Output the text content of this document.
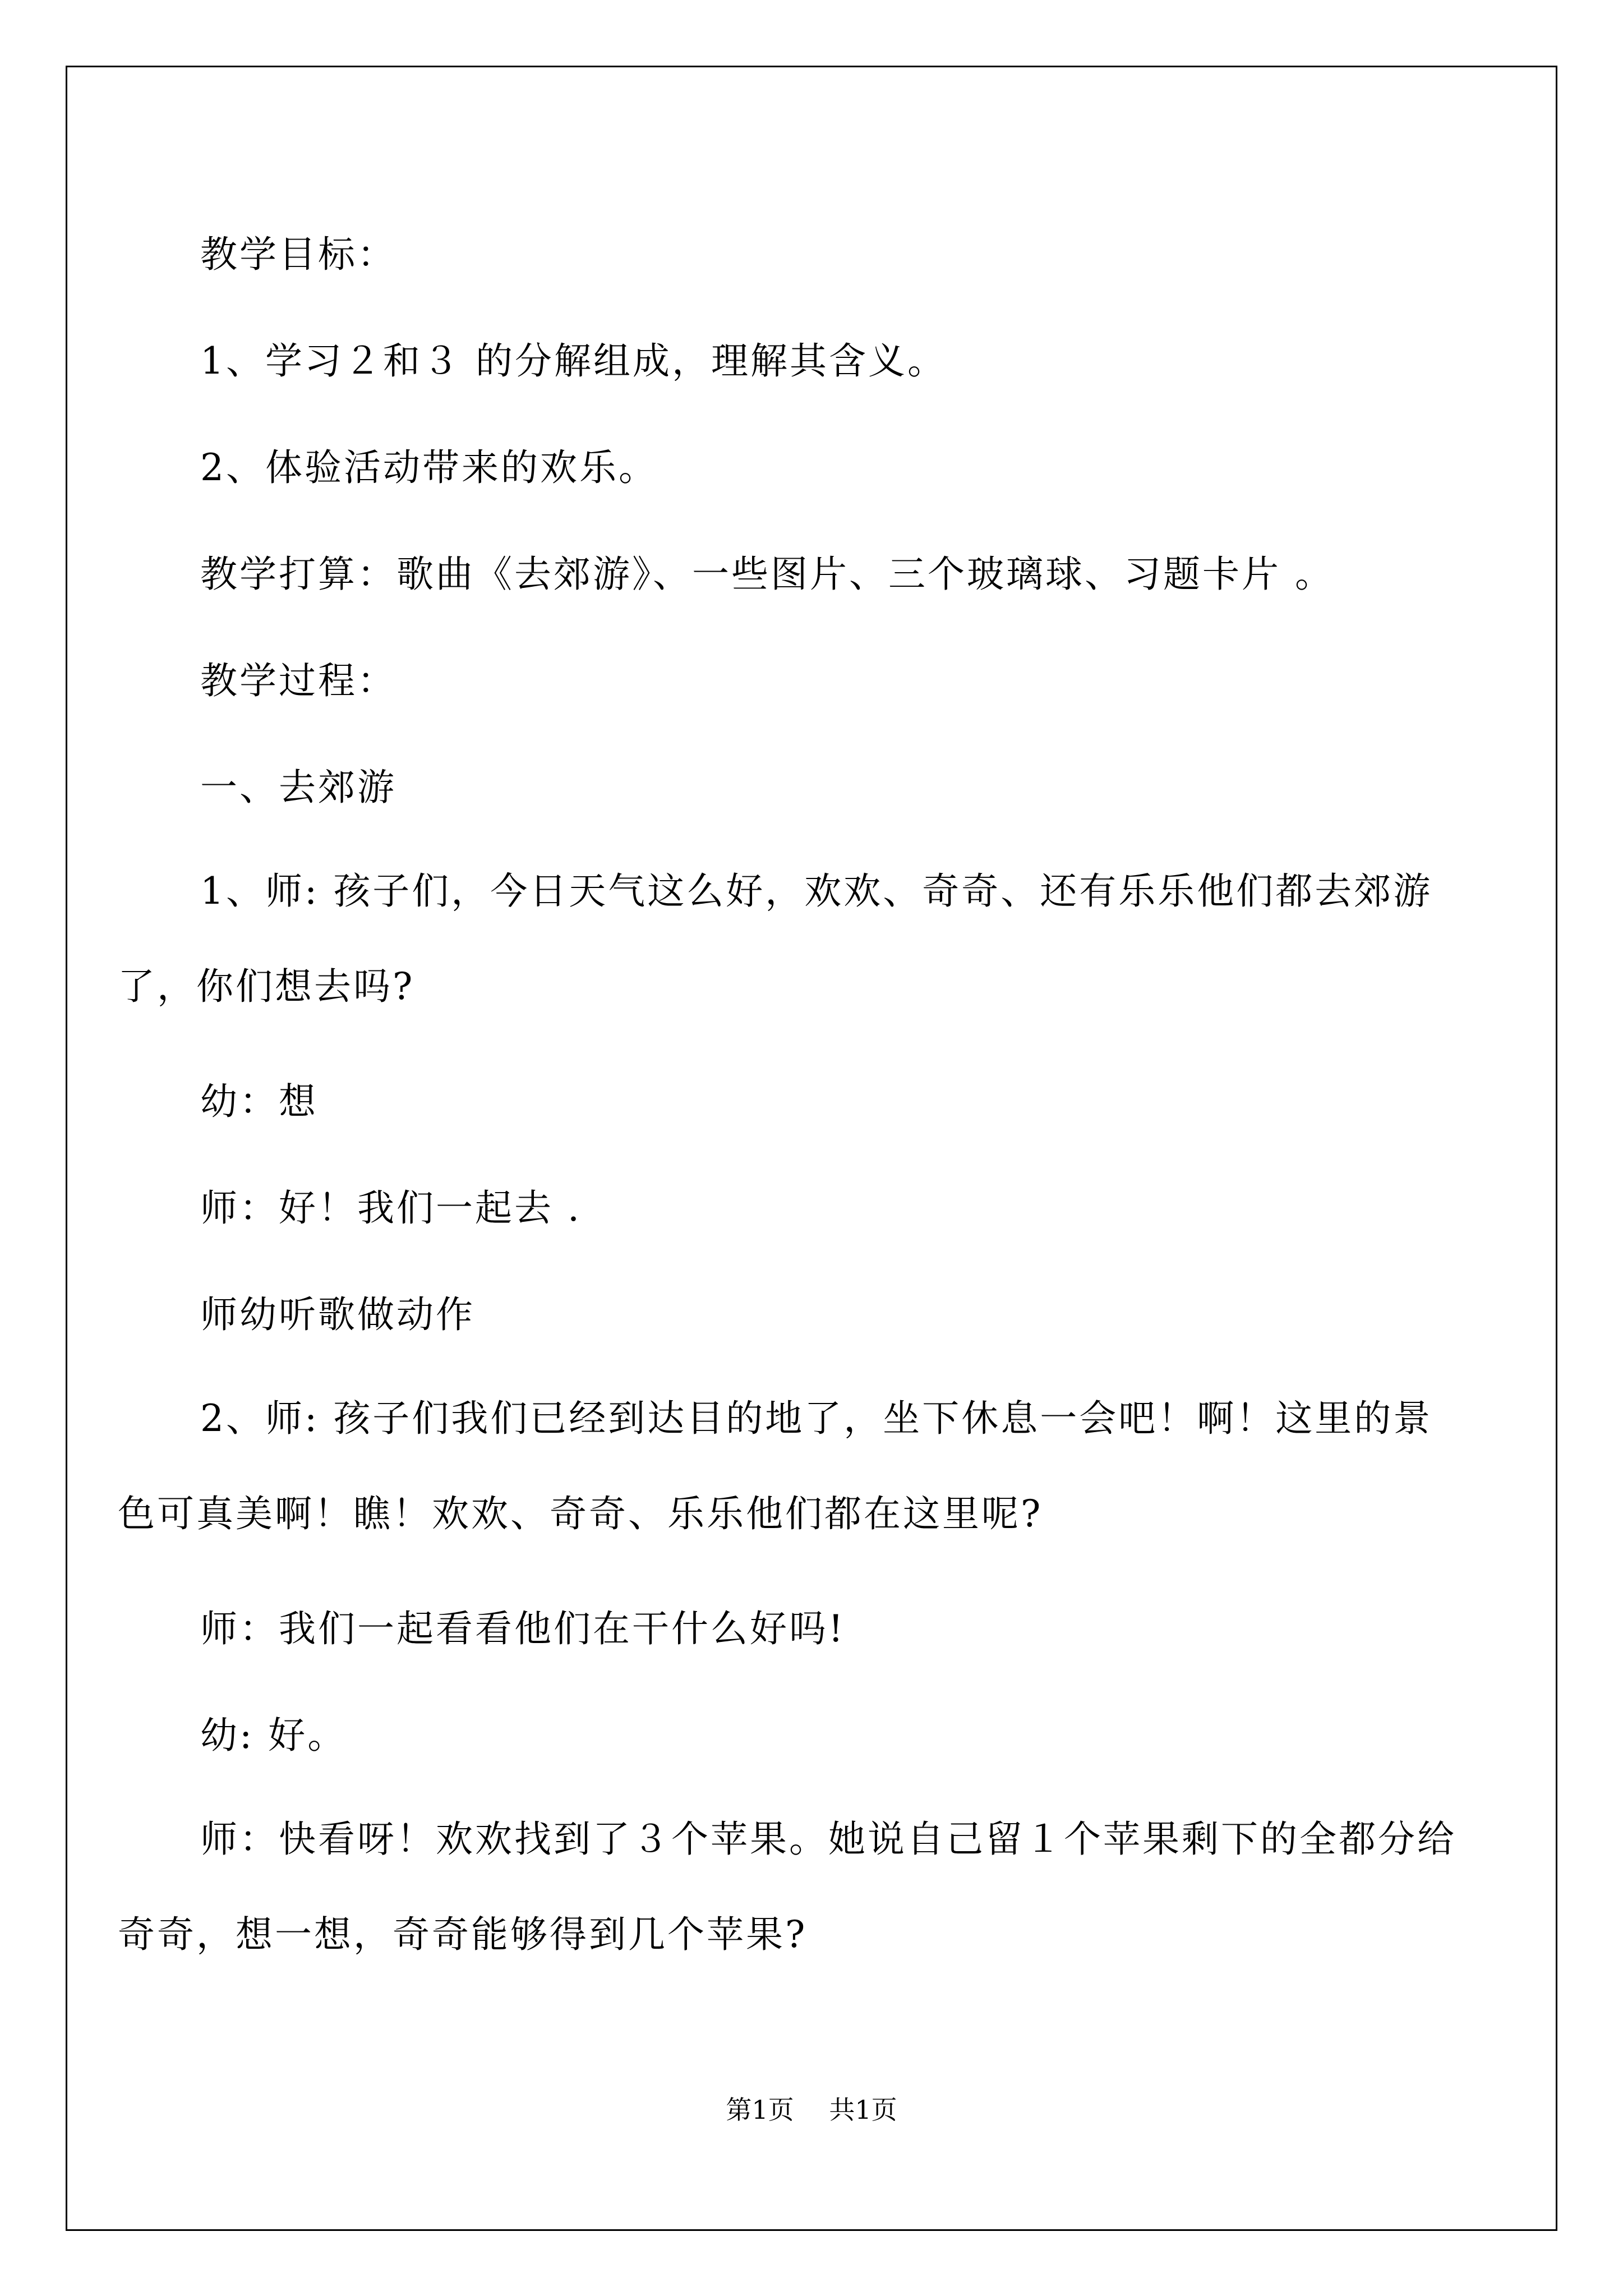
教学目标：
1、学习２和３ 的分解组成，理解其含义。
2、体验活动带来的欢乐。
教学打算：歌曲《去郊游》、一些图片、三个玻璃球、习题卡片 。
教学过程：
一、去郊游
1、师: 孩子们，今日天气这么好，欢欢、奇奇、还有乐乐他们都去郊游了，你们想去吗?
幼：想
师：好！我们一起去 .
师幼听歌做动作
2、师: 孩子们我们已经到达目的地了，坐下休息一会吧！啊！这里的景色可真美啊！瞧！欢欢、奇奇、乐乐他们都在这里呢?
师：我们一起看看他们在干什么好吗!
幼: 好。
师：快看呀！欢欢找到了３个苹果。她说自己留１个苹果剩下的全都分给奇奇，想一想，奇奇能够得到几个苹果?
第1页 共1页
